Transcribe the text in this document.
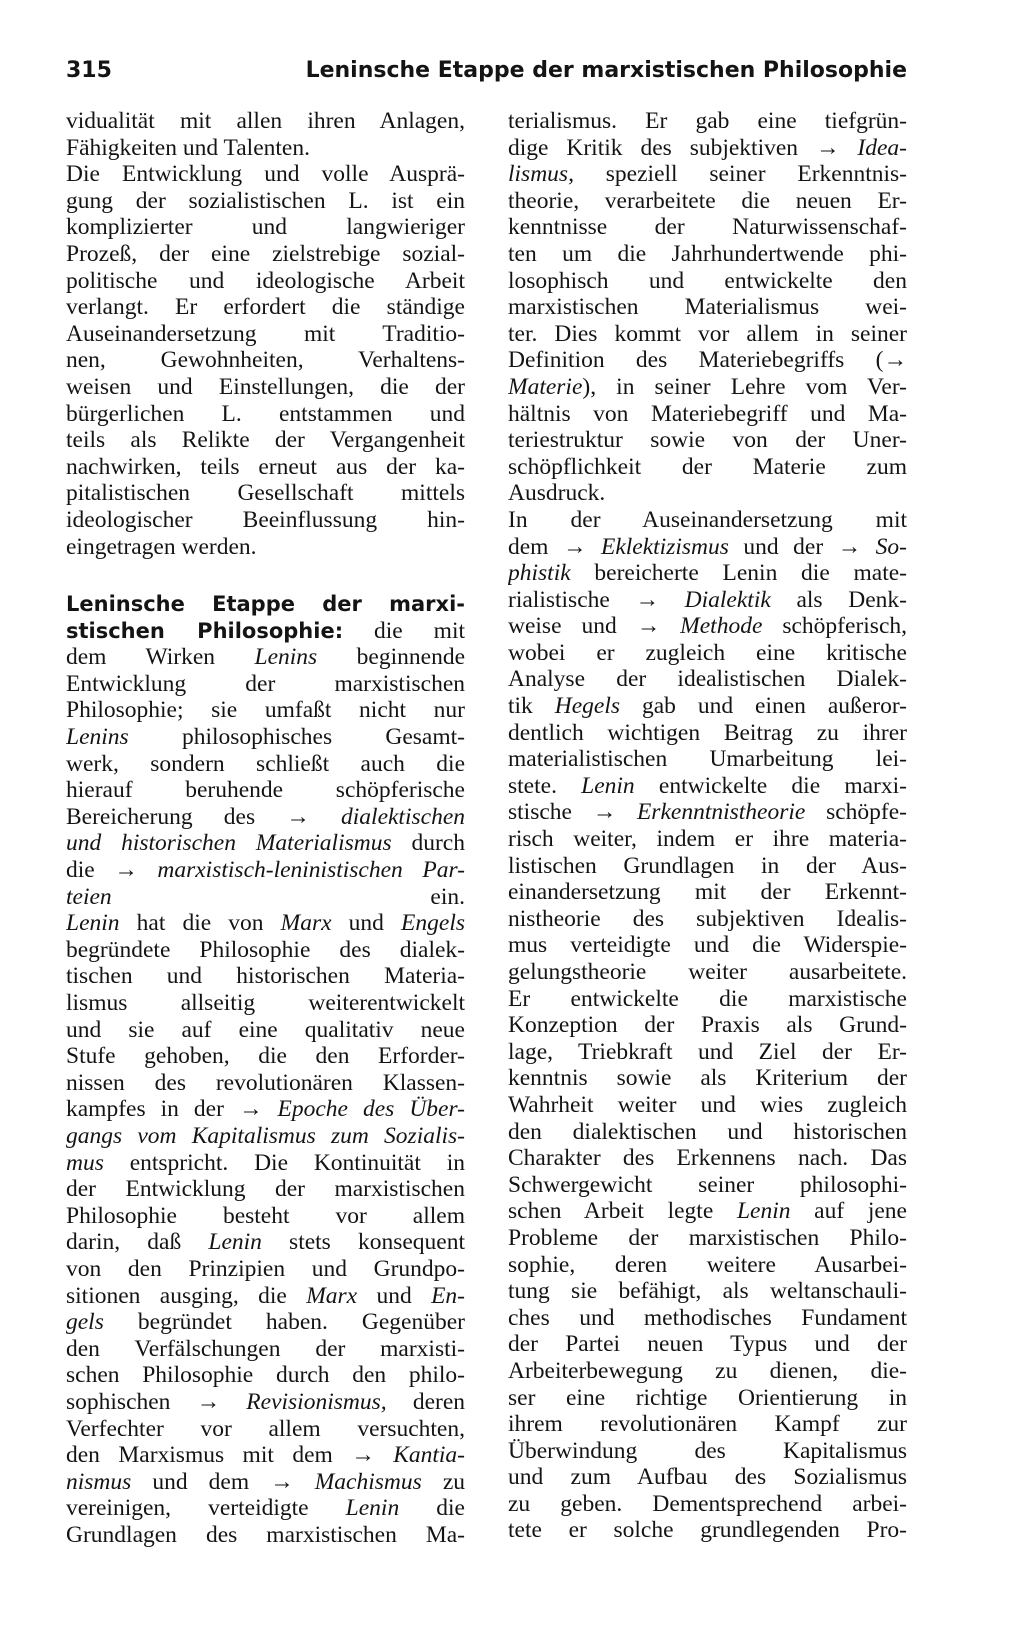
315	Leninsche Etappe der marxistischen Philosophie
vidualität mit allen ihren Anlagen,
Fähigkeiten und Talenten.
Die Entwicklung und volle Ausprä-
gung der sozialistischen L. ist ein
komplizierter und langwieriger
Prozeß, der eine zielstrebige sozial-
politische und ideologische Arbeit
verlangt. Er erfordert die ständige
Auseinandersetzung mit Traditio-
nen, Gewohnheiten, Verhaltens-
weisen und Einstellungen, die der
bürgerlichen L. entstammen und
teils als Relikte der Vergangenheit
nachwirken, teils erneut aus der ka-
pitalistischen Gesellschaft mittels
ideologischer Beeinflussung hin-
eingetragen werden.
Leninsche Etappe der marxi-
stischen Philosophie: die mit
dem Wirken Lenins beginnende
Entwicklung der marxistischen
Philosophie; sie umfaßt nicht nur
Lenins philosophisches Gesamt-
werk, sondern schließt auch die
hierauf beruhende schöpferische
Bereicherung des → dialektischen
und historischen Materialismus durch
die → marxistisch-leninistischen Par-
teien ein.
Lenin hat die von Marx und Engels
begründete Philosophie des dialek-
tischen und historischen Materia-
lismus allseitig weiterentwickelt
und sie auf eine qualitativ neue
Stufe gehoben, die den Erforder-
nissen des revolutionären Klassen-
kampfes in der → Epoche des Über-
gangs vom Kapitalismus zum Sozialis-
mus entspricht. Die Kontinuität in
der Entwicklung der marxistischen
Philosophie besteht vor allem
darin, daß Lenin stets konsequent
von den Prinzipien und Grundpo-
sitionen ausging, die Marx und En-
gels begründet haben. Gegenüber
den Verfälschungen der marxisti-
schen Philosophie durch den philo-
sophischen → Revisionismus, deren
Verfechter vor allem versuchten,
den Marxismus mit dem → Kantia-
nismus und dem → Machismus zu
vereinigen, verteidigte Lenin die
Grundlagen des marxistischen Ma-
terialismus. Er gab eine tiefgrün-
dige Kritik des subjektiven → Idea-
lismus, speziell seiner Erkenntnis-
theorie, verarbeitete die neuen Er-
kenntnisse der Naturwissenschaf-
ten um die Jahrhundertwende phi-
losophisch und entwickelte den
marxistischen Materialismus wei-
ter. Dies kommt vor allem in seiner
Definition des Materiebegriffs (→
Materie), in seiner Lehre vom Ver-
hältnis von Materiebegriff und Ma-
teriestruktur sowie von der Uner-
schöpflichkeit der Materie zum
Ausdruck.
In der Auseinandersetzung mit
dem → Eklektizismus und der → So-
phistik bereicherte Lenin die mate-
rialistische → Dialektik als Denk-
weise und → Methode schöpferisch,
wobei er zugleich eine kritische
Analyse der idealistischen Dialek-
tik Hegels gab und einen außeror-
dentlich wichtigen Beitrag zu ihrer
materialistischen Umarbeitung lei-
stete. Lenin entwickelte die marxi-
stische → Erkenntnistheorie schöpfe-
risch weiter, indem er ihre materia-
listischen Grundlagen in der Aus-
einandersetzung mit der Erkennt-
nistheorie des subjektiven Idealis-
mus verteidigte und die Widerspie-
gelungstheorie weiter ausarbeitete.
Er entwickelte die marxistische
Konzeption der Praxis als Grund-
lage, Triebkraft und Ziel der Er-
kenntnis sowie als Kriterium der
Wahrheit weiter und wies zugleich
den dialektischen und historischen
Charakter des Erkennens nach. Das
Schwergewicht seiner philosophi-
schen Arbeit legte Lenin auf jene
Probleme der marxistischen Philo-
sophie, deren weitere Ausarbei-
tung sie befähigt, als weltanschauli-
ches und methodisches Fundament
der Partei neuen Typus und der
Arbeiterbewegung zu dienen, die-
ser eine richtige Orientierung in
ihrem revolutionären Kampf zur
Überwindung des Kapitalismus
und zum Aufbau des Sozialismus
zu geben. Dementsprechend arbei-
tete er solche grundlegenden Pro-
